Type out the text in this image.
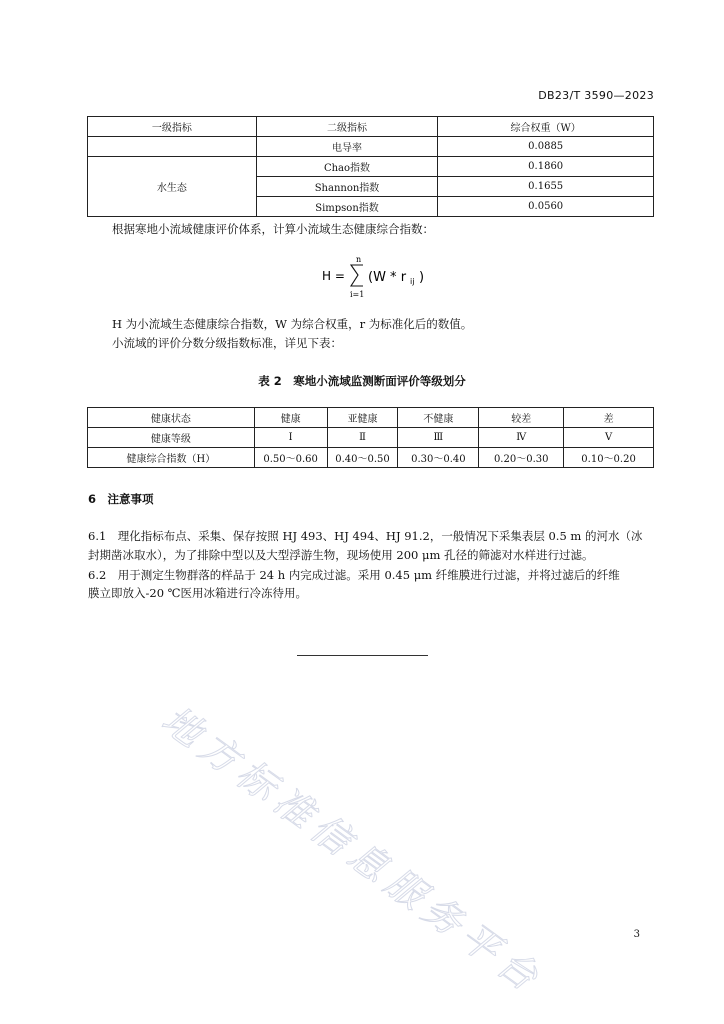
DB23/T 3590—2023
一级指标	二级指标	综合权重（W）
	电导率	0.0885
水生态	Chao指数	0.1860
	Shannon指数	0.1655
	Simpson指数	0.0560
根据寒地小流域健康评价体系，计算小流域生态健康综合指数：
H =
n
i=1
(W * r ij )
H 为小流域生态健康综合指数，W 为综合权重，r 为标准化后的数值。
小流域的评价分数分级指数标准，详见下表：
表 2　寒地小流域监测断面评价等级划分
健康状态	健康	亚健康	不健康	较差	差
健康等级	Ⅰ	Ⅱ	Ⅲ	Ⅳ	Ⅴ
健康综合指数（H）	0.50～0.60	0.40～0.50	0.30～0.40	0.20～0.30	0.10～0.20
6　注意事项
6.1　理化指标布点、采集、保存按照 HJ 493、HJ 494、HJ 91.2，一般情况下采集表层 0.5 m 的河水（冰
封期凿冰取水），为了排除中型以及大型浮游生物，现场使用 200 μm 孔径的筛滤对水样进行过滤。
6.2　用于测定生物群落的样品于 24 h 内完成过滤。采用 0.45 μm 纤维膜进行过滤，并将过滤后的纤维
膜立即放入-20 ℃医用冰箱进行冷冻待用。
地方标准信息服务平台	3
